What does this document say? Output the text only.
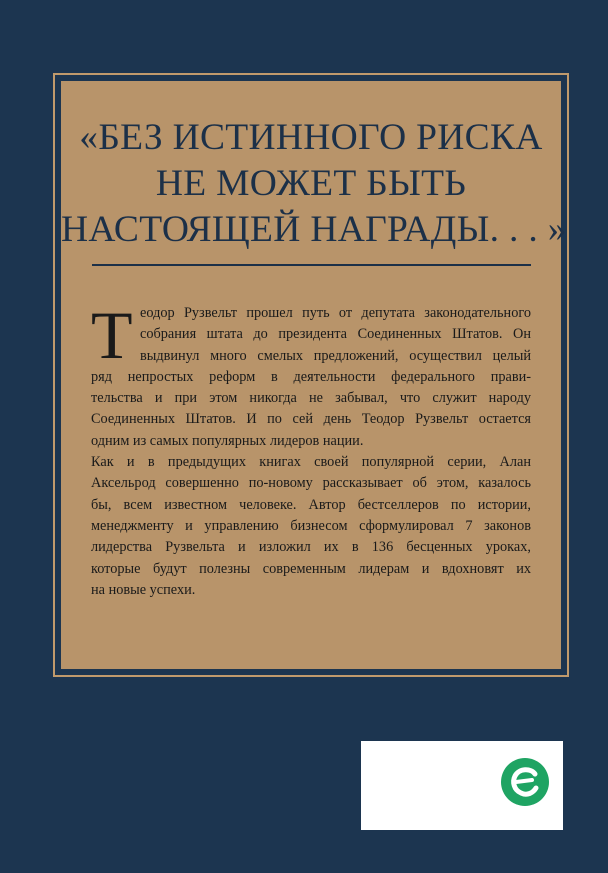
«БЕЗ ИСТИННОГО РИСКА
НЕ МОЖЕТ БЫТЬ
НАСТОЯЩЕЙ НАГРАДЫ. . . »
Т еодор Рузвельт прошел путь от депутата законодательного
собрания штата до президента Соединенных Штатов. Он
выдвинул много смелых предложений, осуществил целый
ряд непростых реформ в деятельности федерального прави-
тельства и при этом никогда не забывал, что служит народу
Соединенных Штатов. И по сей день Теодор Рузвельт остается
одним из самых популярных лидеров нации.

Как и в предыдущих книгах своей популярной серии, Алан
Аксельрод совершенно по-новому рассказывает об этом, казалось
бы, всем известном человеке. Автор бестселлеров по истории,
менеджменту и управлению бизнесом сформулировал 7 законов
лидерства Рузвельта и изложил их в 136 бесценных уроках,
которые будут полезны современным лидерам и вдохновят их
на новые успехи.
